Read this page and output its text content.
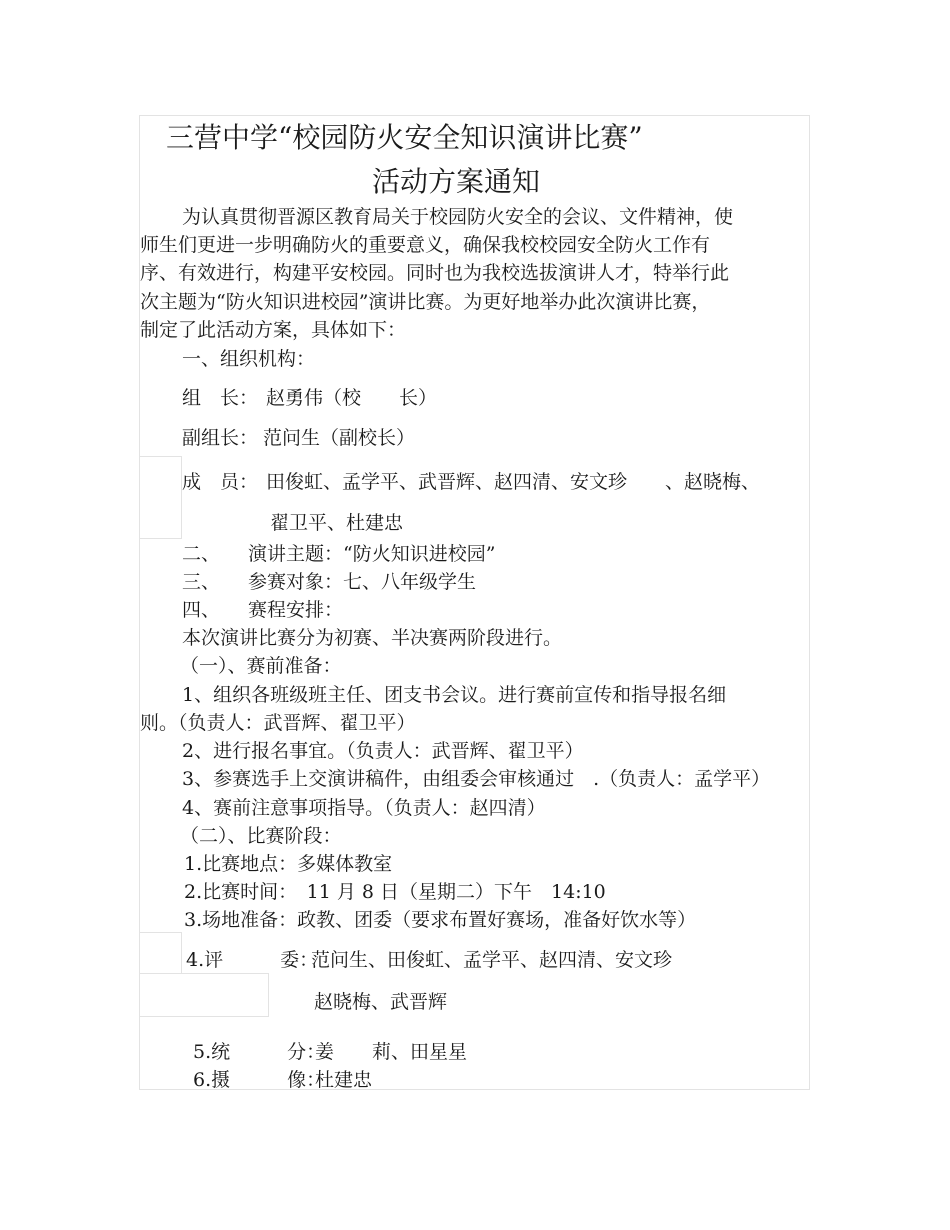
三营中学“校园防火安全知识演讲比赛”
活动方案通知
为认真贯彻晋源区教育局关于校园防火安全的会议、文件精神，使
师生们更进一步明确防火的重要意义，确保我校校园安全防火工作有
序、有效进行，构建平安校园。同时也为我校选拔演讲人才，特举行此
次主题为“防火知识进校园”演讲比赛。为更好地举办此次演讲比赛，
制定了此活动方案，具体如下：
一、组织机构：
组　长： 赵勇伟（校　　长）
副组长： 范问生（副校长）
成　员： 田俊虹、孟学平、武晋辉、赵四清、安文珍　　、赵晓梅、
翟卫平、杜建忠
二、 演讲主题：“防火知识进校园”
三、 参赛对象：七、八年级学生
四、 赛程安排：
本次演讲比赛分为初赛、半决赛两阶段进行。
（一）、赛前准备：
1、组织各班级班主任、团支书会议。进行赛前宣传和指导报名细
则。（负责人：武晋辉、翟卫平）
2、进行报名事宜。（负责人：武晋辉、翟卫平）
3、参赛选手上交演讲稿件，由组委会审核通过　.（负责人：孟学平）
4、赛前注意事项指导。（负责人：赵四清）
（二）、比赛阶段：
1.比赛地点：多媒体教室
2.比赛时间：　11 月 8 日（星期二）下午　14:10
3.场地准备：政教、团委（要求布置好赛场，准备好饮水等）
4.评　　　委：
范问生、田俊虹、孟学平、赵四清、安文珍
赵晓梅、武晋辉
5.统　　　分：
姜　　莉、田星星
6.摄　　　像：
杜建忠
